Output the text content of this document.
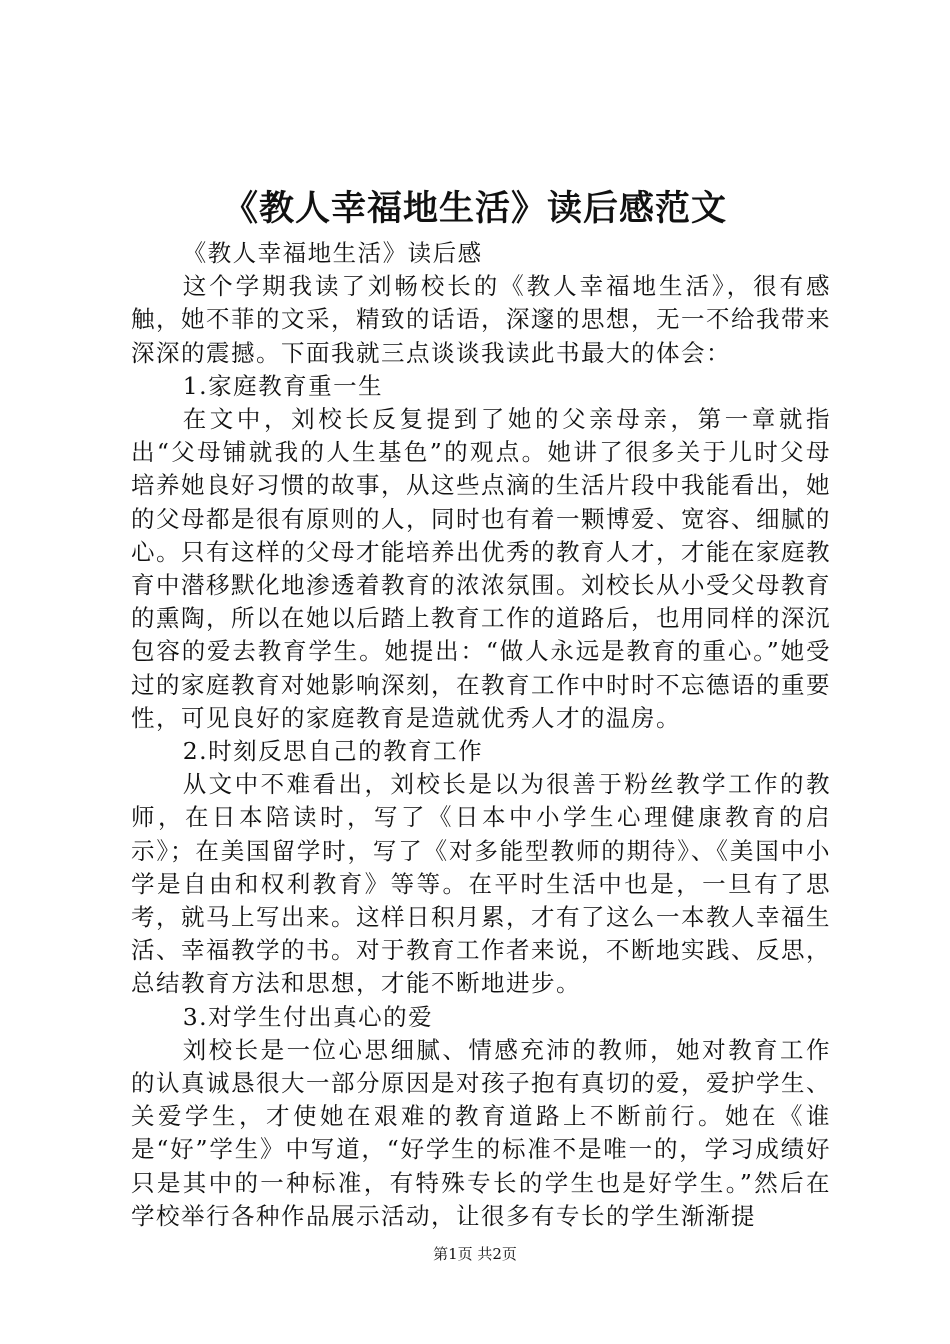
《教人幸福地生活》读后感范文

《教人幸福地生活》读后感

这个学期我读了刘畅校长的《教人幸福地生活》，很有感触，她不菲的文采，精致的话语，深邃的思想，无一不给我带来深深的震撼。下面我就三点谈谈我读此书最大的体会：

1.家庭教育重一生

在文中，刘校长反复提到了她的父亲母亲，第一章就指出“父母铺就我的人生基色”的观点。她讲了很多关于儿时父母培养她良好习惯的故事，从这些点滴的生活片段中我能看出，她的父母都是很有原则的人，同时也有着一颗博爱、宽容、细腻的心。只有这样的父母才能培养出优秀的教育人才，才能在家庭教育中潜移默化地渗透着教育的浓浓氛围。刘校长从小受父母教育的熏陶，所以在她以后踏上教育工作的道路后，也用同样的深沉包容的爱去教育学生。她提出：“做人永远是教育的重心。”她受过的家庭教育对她影响深刻，在教育工作中时时不忘德语的重要性，可见良好的家庭教育是造就优秀人才的温房。

2.时刻反思自己的教育工作

从文中不难看出，刘校长是以为很善于粉丝教学工作的教师，在日本陪读时，写了《日本中小学生心理健康教育的启示》；在美国留学时，写了《对多能型教师的期待》、《美国中小学是自由和权利教育》等等。在平时生活中也是，一旦有了思考，就马上写出来。这样日积月累，才有了这么一本教人幸福生活、幸福教学的书。对于教育工作者来说，不断地实践、反思，总结教育方法和思想，才能不断地进步。

3.对学生付出真心的爱

刘校长是一位心思细腻、情感充沛的教师，她对教育工作的认真诚恳很大一部分原因是对孩子抱有真切的爱，爱护学生、关爱学生，才使她在艰难的教育道路上不断前行。她在《谁是“好”学生》中写道，“好学生的标准不是唯一的，学习成绩好只是其中的一种标准，有特殊专长的学生也是好学生。”然后在学校举行各种作品展示活动，让很多有专长的学生渐渐提

第1页 共2页
